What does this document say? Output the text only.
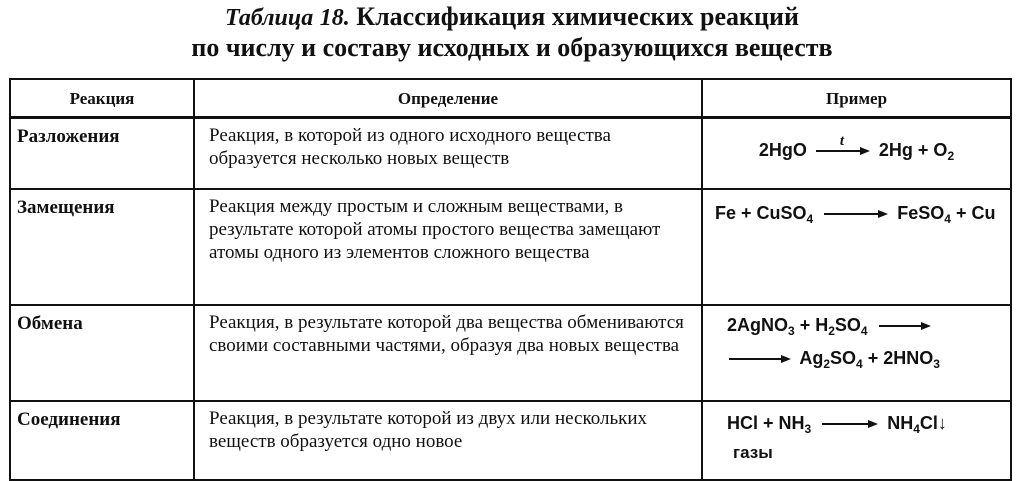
Таблица 18. Классификация химических реакций
по числу и составу исходных и образующихся веществ
Реакция	Определение	Пример
Разложения	Реакция, в которой из одного исходного вещества образуется несколько новых веществ	2HgO t $2Hg + O_2$

Замещения	Реакция между простым и сложным веществами, в результате которой атомы простого вещества замещают атомы одного из элементов сложного вещества	Fe + CuSO$_4$ FeSO$_4$ + Cu

Обмена	Реакция, в результате которой два вещества обмениваются своими составными частями, образуя два новых вещества	2AgNO$_3$ + $H_2SO_4$
$Ag_2SO_4 + 2HNO_3$

Соединения	Реакция, в результате которой из двух или нескольких веществ образуется одно новое	HCl + $NH_3$ $NH_4Cl↓$
газы
